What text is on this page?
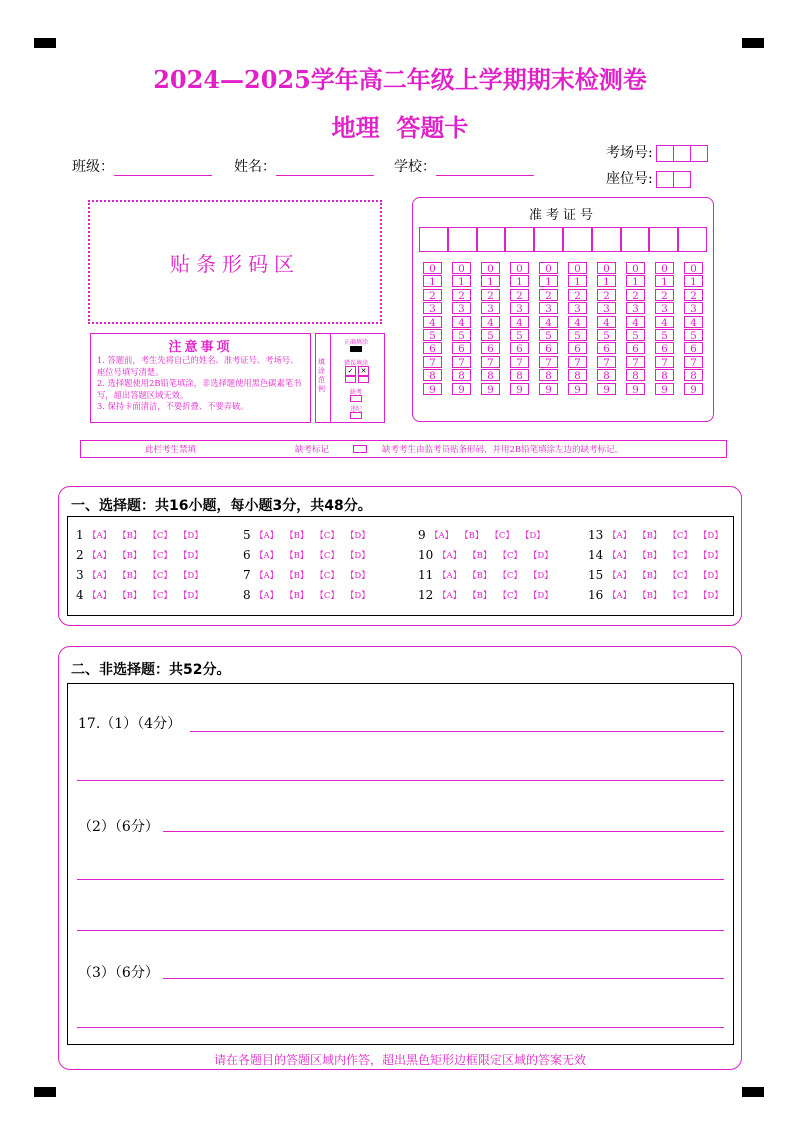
2024—2025学年高二年级上学期期末检测卷
地理  答题卡
班级：	姓名：	学校：
考场号:
座位号:
贴条形码区
准考证号
0	0	0	0	0	0	0	0	0	0
1	1	1	1	1	1	1	1	1	1
2	2	2	2	2	2	2	2	2	2
3	3	3	3	3	3	3	3	3	3
4	4	4	4	4	4	4	4	4	4
5	5	5	5	5	5	5	5	5	5
6	6	6	6	6	6	6	6	6	6
7	7	7	7	7	7	7	7	7	7
8	8	8	8	8	8	8	8	8	8
9	9	9	9	9	9	9	9	9	9
注意事项

1. 答题前，考生先将自己的姓名、准考证号、考场号、座位号填写清楚。

2. 选择题使用2B铅笔填涂，非选择题使用黑色碳素笔书写，超出答题区域无效。

3. 保持卡面清洁，不要折叠、不要弄破。

填涂范例
正确填涂
错误填涂
✓	✕
缺考
违纪
此栏考生禁填	缺考标记	缺考考生由监考员贴条形码，并用2B铅笔填涂左边的缺考标记。
一、选择题：共16小题，每小题3分，共48分。
1 【A】 【B】 【C】 【D】
2 【A】 【B】 【C】 【D】
3 【A】 【B】 【C】 【D】
4 【A】 【B】 【C】 【D】
5 【A】 【B】 【C】 【D】
6 【A】 【B】 【C】 【D】
7 【A】 【B】 【C】 【D】
8 【A】 【B】 【C】 【D】
9 【A】 【B】 【C】 【D】
10 【A】 【B】 【C】 【D】
11 【A】 【B】 【C】 【D】
12 【A】 【B】 【C】 【D】
13 【A】 【B】 【C】 【D】
14 【A】 【B】 【C】 【D】
15 【A】 【B】 【C】 【D】
16 【A】 【B】 【C】 【D】
二、非选择题：共52分。
17.（1）（4分）
（2）（6分）
（3）（6分）
请在各题目的答题区域内作答，超出黑色矩形边框限定区域的答案无效
